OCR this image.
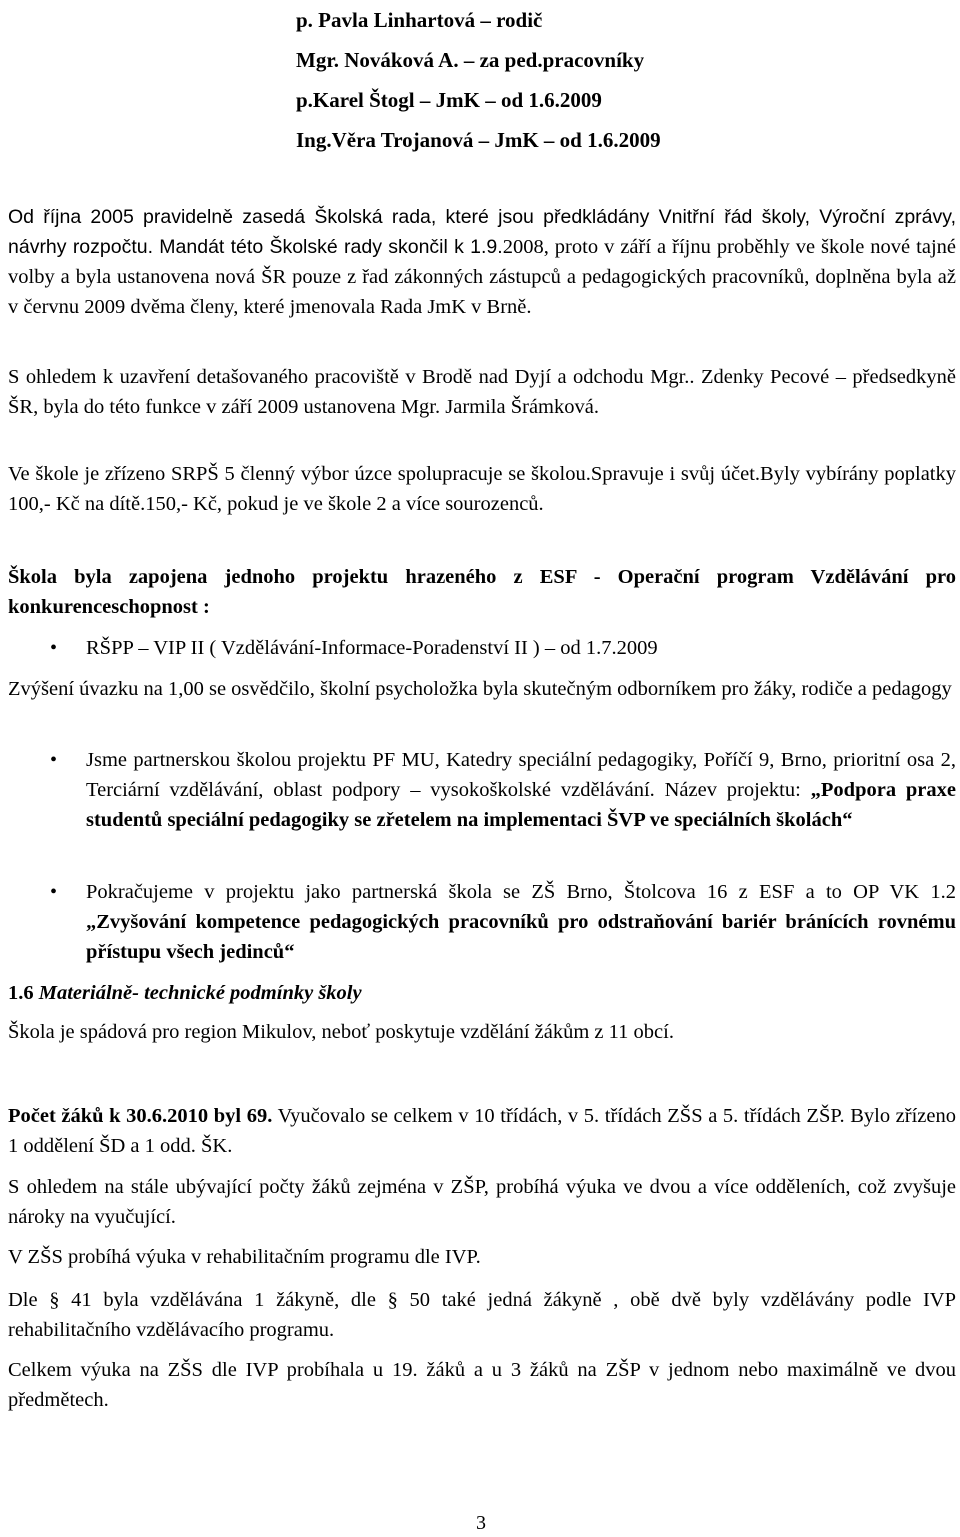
p. Pavla Linhartová – rodič
Mgr. Nováková A. – za ped.pracovníky
p.Karel Štogl – JmK – od 1.6.2009
Ing.Věra Trojanová – JmK – od 1.6.2009

Od října 2005 pravidelně zasedá Školská rada, které jsou předkládány Vnitřní řád školy, Výroční zprávy, návrhy rozpočtu. Mandát této Školské rady skončil k 1.9.2008, proto v září a říjnu proběhly ve škole nové tajné volby a byla ustanovena nová ŠR pouze z řad zákonných zástupců a pedagogických pracovníků, doplněna byla až v červnu 2009 dvěma členy, které jmenovala Rada JmK v Brně.

S ohledem k uzavření detašovaného pracoviště v Brodě nad Dyjí a odchodu Mgr.. Zdenky Pecové – předsedkyně ŠR, byla do této funkce v září 2009 ustanovena Mgr. Jarmila Šrámková.

Ve škole je zřízeno SRPŠ 5 členný výbor úzce spolupracuje se školou.Spravuje i svůj účet.Byly vybírány poplatky 100,- Kč na dítě.150,- Kč, pokud je ve škole 2 a více sourozenců.

Škola byla zapojena jednoho projektu hrazeného z ESF - Operační program Vzdělávání pro konkurenceschopnost :

• RŠPP – VIP II ( Vzdělávání-Informace-Poradenství II ) – od 1.7.2009

Zvýšení úvazku na 1,00 se osvědčilo, školní psycholožka byla skutečným odborníkem pro žáky, rodiče a pedagogy

• Jsme partnerskou školou projektu PF MU, Katedry speciální pedagogiky, Poříčí 9, Brno, prioritní osa 2, Terciární vzdělávání, oblast podpory – vysokoškolské vzdělávání. Název projektu: „Podpora praxe studentů speciální pedagogiky se zřetelem na implementaci ŠVP ve speciálních školách“
• Pokračujeme v projektu jako partnerská škola se ZŠ Brno, Štolcova 16 z ESF a to OP VK 1.2 „Zvyšování kompetence pedagogických pracovníků pro odstraňování bariér bránících rovnému přístupu všech jedinců“

1.6 Materiálně- technické podmínky školy

Škola je spádová pro region Mikulov, neboť poskytuje vzdělání žákům z 11 obcí.

Počet žáků k 30.6.2010 byl 69. Vyučovalo se celkem v 10 třídách, v 5. třídách ZŠS a 5. třídách ZŠP. Bylo zřízeno 1 oddělení ŠD a 1 odd. ŠK.

S ohledem na stále ubývající počty žáků zejména v ZŠP, probíhá výuka ve dvou a více odděleních, což zvyšuje nároky na vyučující.

V ZŠS probíhá výuka v rehabilitačním programu dle IVP.

Dle § 41 byla vzdělávána 1 žákyně, dle § 50 také jedná žákyně , obě dvě byly vzdělávány podle IVP rehabilitačního vzdělávacího programu.

Celkem výuka na ZŠS dle IVP probíhala u 19. žáků a u 3 žáků na ZŠP v jednom nebo maximálně ve dvou předmětech.

3
